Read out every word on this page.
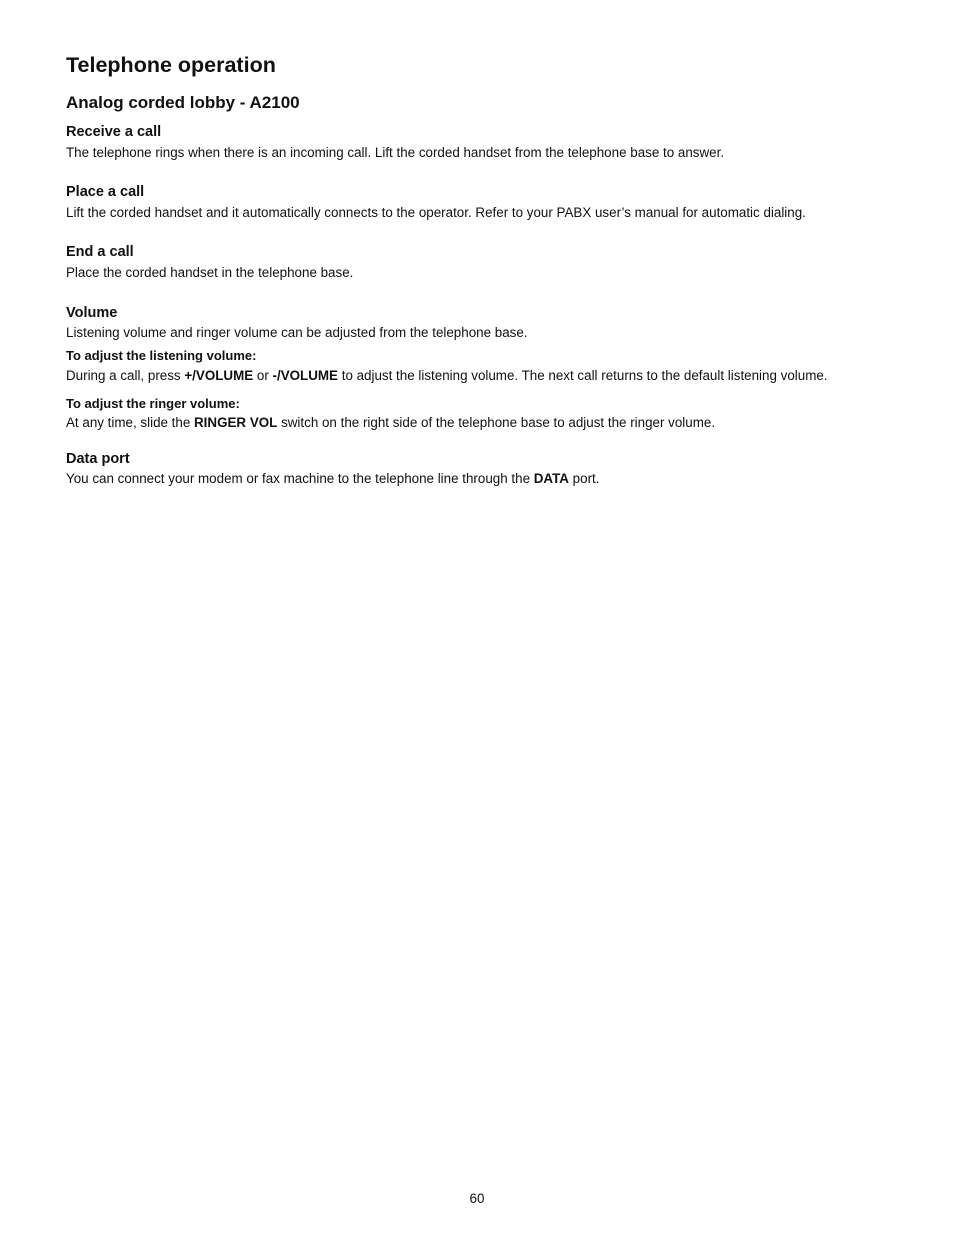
Telephone operation
Analog corded lobby - A2100
Receive a call

The telephone rings when there is an incoming call. Lift the corded handset from the telephone base to answer.

Place a call

Lift the corded handset and it automatically connects to the operator. Refer to your PABX user’s manual for automatic dialing.

End a call

Place the corded handset in the telephone base.

Volume

Listening volume and ringer volume can be adjusted from the telephone base.

To adjust the listening volume:

During a call, press +/VOLUME or -/VOLUME to adjust the listening volume. The next call returns to the default listening volume.

To adjust the ringer volume:

At any time, slide the RINGER VOL switch on the right side of the telephone base to adjust the ringer volume.

Data port

You can connect your modem or fax machine to the telephone line through the DATA port.

60
